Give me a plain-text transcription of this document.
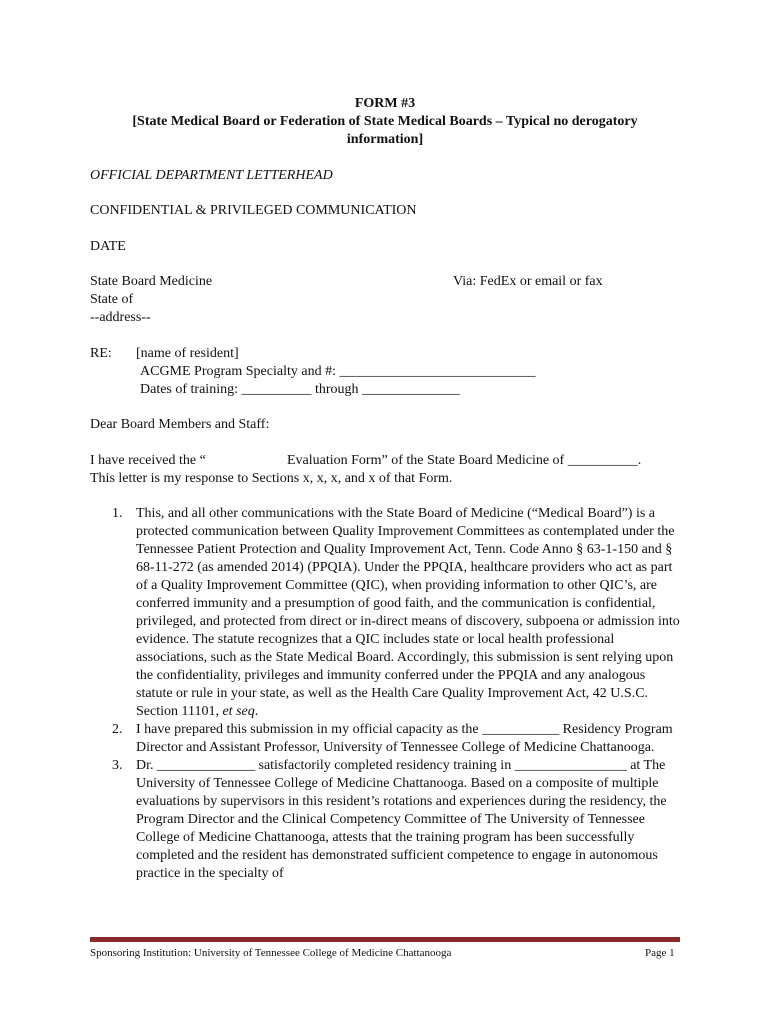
FORM #3
[State Medical Board or Federation of State Medical Boards – Typical no derogatory
information]
OFFICIAL DEPARTMENT LETTERHEAD
CONFIDENTIAL & PRIVILEGED COMMUNICATION
DATE
State Board Medicine	Via: FedEx or email or fax
State of
--address--
RE: [name of resident]
ACGME Program Specialty and #: ____________________________
Dates of training: __________ through ______________
Dear Board Members and Staff:
I have received the “	Evaluation Form” of the State Board Medicine of __________.
This letter is my response to Sections x, x, x, and x of that Form.
1. This, and all other communications with the State Board of Medicine (“Medical Board”) is a protected communication between Quality Improvement Committees as contemplated under the Tennessee Patient Protection and Quality Improvement Act, Tenn. Code Anno § 63-1-150 and § 68-11-272 (as amended 2014) (PPQIA). Under the PPQIA, healthcare providers who act as part of a Quality Improvement Committee (QIC), when providing information to other QIC’s, are conferred immunity and a presumption of good faith, and the communication is confidential, privileged, and protected from direct or in-direct means of discovery, subpoena or admission into evidence. The statute recognizes that a QIC includes state or local health professional associations, such as the State Medical Board. Accordingly, this submission is sent relying upon the confidentiality, privileges and immunity conferred under the PPQIA and any analogous statute or rule in your state, as well as the Health Care Quality Improvement Act, 42 U.S.C. Section 11101, et seq.
2. I have prepared this submission in my official capacity as the ___________ Residency Program Director and Assistant Professor, University of Tennessee College of Medicine Chattanooga.
3. Dr. ______________ satisfactorily completed residency training in ________________ at The University of Tennessee College of Medicine Chattanooga. Based on a composite of multiple evaluations by supervisors in this resident’s rotations and experiences during the residency, the Program Director and the Clinical Competency Committee of The University of Tennessee College of Medicine Chattanooga, attests that the training program has been successfully completed and the resident has demonstrated sufficient competence to engage in autonomous practice in the specialty of
Sponsoring Institution: University of Tennessee College of Medicine Chattanooga	Page 1
